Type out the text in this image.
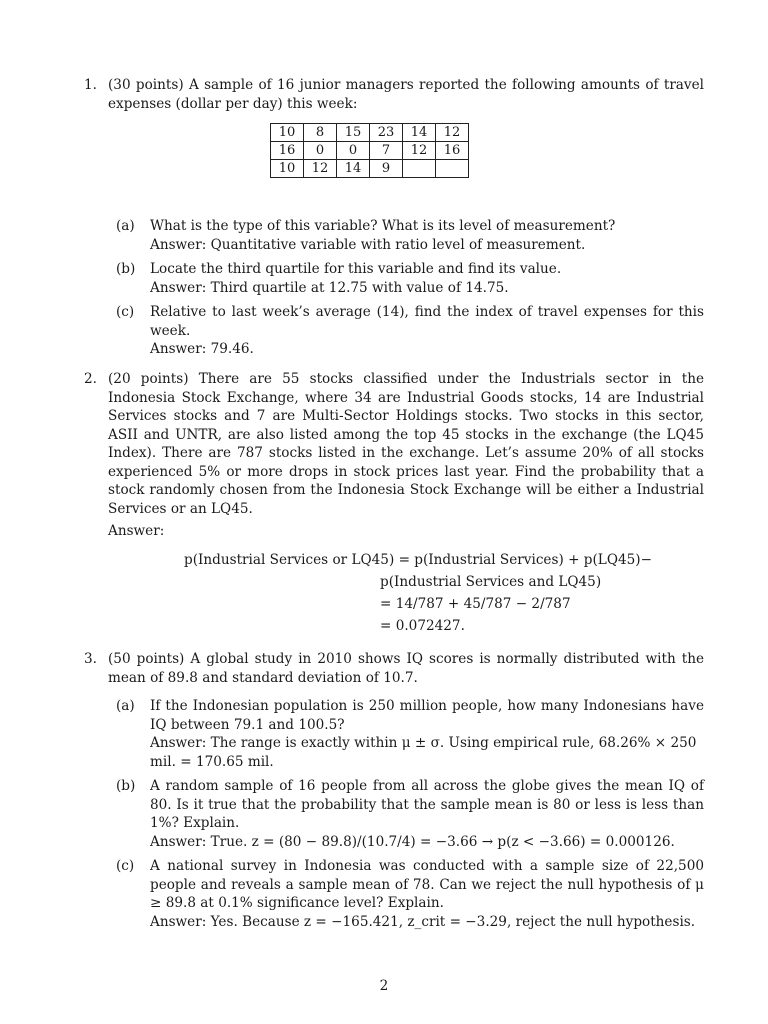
1. (30 points) A sample of 16 junior managers reported the following amounts of travel expenses (dollar per day) this week:
10	8	15	23	14	12
16	0	0	7	12	16
10	12	14	9		
(a)	What is the type of this variable? What is its level of measurement?
Answer: Quantitative variable with ratio level of measurement.
(b)	Locate the third quartile for this variable and find its value.
Answer: Third quartile at 12.75 with value of 14.75.
(c)	Relative to last week’s average (14), find the index of travel expenses for this week.
Answer: 79.46.
2. (20 points) There are 55 stocks classified under the Industrials sector in the Indonesia Stock Exchange, where 34 are Industrial Goods stocks, 14 are Industrial Services stocks and 7 are Multi-Sector Holdings stocks. Two stocks in this sector, ASII and UNTR, are also listed among the top 45 stocks in the exchange (the LQ45 Index). There are 787 stocks listed in the exchange. Let’s assume 20% of all stocks experienced 5% or more drops in stock prices last year. Find the probability that a stock randomly chosen from the Indonesia Stock Exchange will be either a Industrial Services or an LQ45.
Answer:
p(Industrial Services or LQ45) = p(Industrial Services) + p(LQ45)−
p(Industrial Services and LQ45)
= 14/787 + 45/787 − 2/787
= 0.072427.
3. (50 points) A global study in 2010 shows IQ scores is normally distributed with the mean of 89.8 and standard deviation of 10.7.
(a)	If the Indonesian population is 250 million people, how many Indonesians have IQ between 79.1 and 100.5?
Answer: The range is exactly within μ ± σ. Using empirical rule, 68.26% × 250 mil. = 170.65 mil.
(b)	A random sample of 16 people from all across the globe gives the mean IQ of 80. Is it true that the probability that the sample mean is 80 or less is less than 1%? Explain.
Answer: True. z = (80 − 89.8)/(10.7/4) = −3.66 → p(z < −3.66) = 0.000126.
(c)	A national survey in Indonesia was conducted with a sample size of 22,500 people and reveals a sample mean of 78. Can we reject the null hypothesis of μ ≥ 89.8 at 0.1% significance level? Explain.
Answer: Yes. Because z = −165.421, z_crit = −3.29, reject the null hypothesis.
2
